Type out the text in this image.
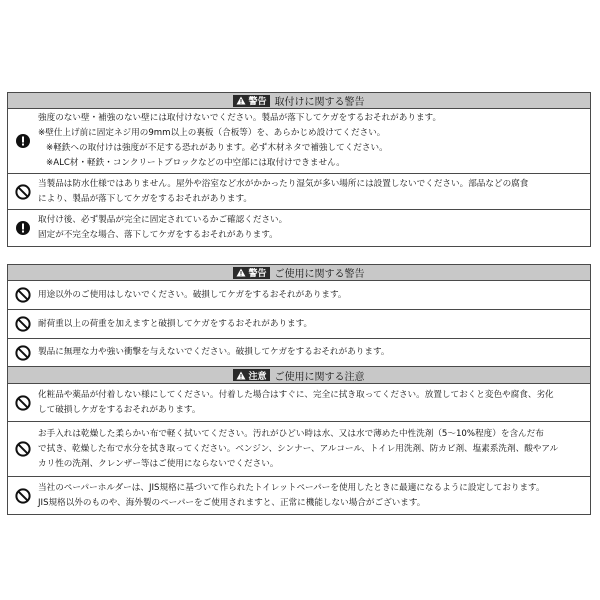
警告 取付けに関する警告
強度のない壁・補強のない壁には取付けないでください。製品が落下してケガをするおそれがあります。
※壁仕上げ前に固定ネジ用の9mm以上の裏板（合板等）を、あらかじめ設けてください。
※軽鉄への取付けは強度が不足する恐れがあります。必ず木材ネタで補強してください。
※ALC材・軽鉄・コンクリートブロックなどの中空部には取付けできません。
当製品は防水仕様ではありません。屋外や浴室など水がかかったり湿気が多い場所には設置しないでください。部品などの腐食
により、製品が落下してケガをするおそれがあります。
取付け後、必ず製品が完全に固定されているかご確認ください。
固定が不完全な場合、落下してケガをするおそれがあります。
警告 ご使用に関する警告
用途以外のご使用はしないでください。破損してケガをするおそれがあります。
耐荷重以上の荷重を加えますと破損してケガをするおそれがあります。
製品に無理な力や強い衝撃を与えないでください。破損してケガをするおそれがあります。
注意 ご使用に関する注意
化粧品や薬品が付着しない様にしてください。付着した場合はすぐに、完全に拭き取ってください。放置しておくと変色や腐食、劣化
して破損しケガをするおそれがあります。
お手入れは乾燥した柔らかい布で軽く拭いてください。汚れがひどい時は水、又は水で薄めた中性洗剤（5～10%程度）を含んだ布
で拭き、乾燥した布で水分を拭き取ってください。ベンジン、シンナー、アルコール、トイレ用洗剤、防カビ剤、塩素系洗剤、酸やアル
カリ性の洗剤、クレンザー等はご使用にならないでください。
当社のペーパーホルダーは、JIS規格に基づいて作られたトイレットペーパーを使用したときに最適になるように設定しております。
JIS規格以外のものや、海外製のペーパーをご使用されますと、正常に機能しない場合がございます。
